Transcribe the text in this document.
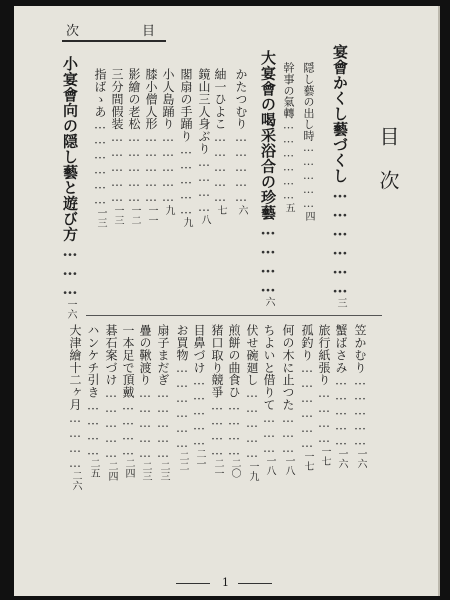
次	目
目　次
宴會かくし藝づくし………………三
隠し藝の出し時……………四
幹事の氣轉………………五
大宴會の喝采浴合の珍藝…………六
かたつむり……………六
紬一ひよこ……………七
鏡山三人身ぶり…………八
閣扇の手踊り……………九
小人島踊り……………九
膝小僧人形……………一一
影繪の老松……………一二
三分間假装……………一三
指ばゝあ………………一三
小宴會向の隠し藝と遊び方………一六
笠かむり……………一六
蟹ばさみ……………一六
旅行紙張り…………一七
孤釣り………………一七
何の木に止つた………一八
ちよいと借りて………一八
伏せ碗廻し……………一九
煎餅の曲食ひ…………二〇
猪口取り競爭…………二一
目鼻づけ……………二一
お買物………………二二
扇子まだぎ……………二三
疊の鞦渡り……………二三
一本足で頂戴…………二四
碁石案づけ……………二四
ハンケチ引き…………二五
大津繪十二ヶ月…………二六
1
